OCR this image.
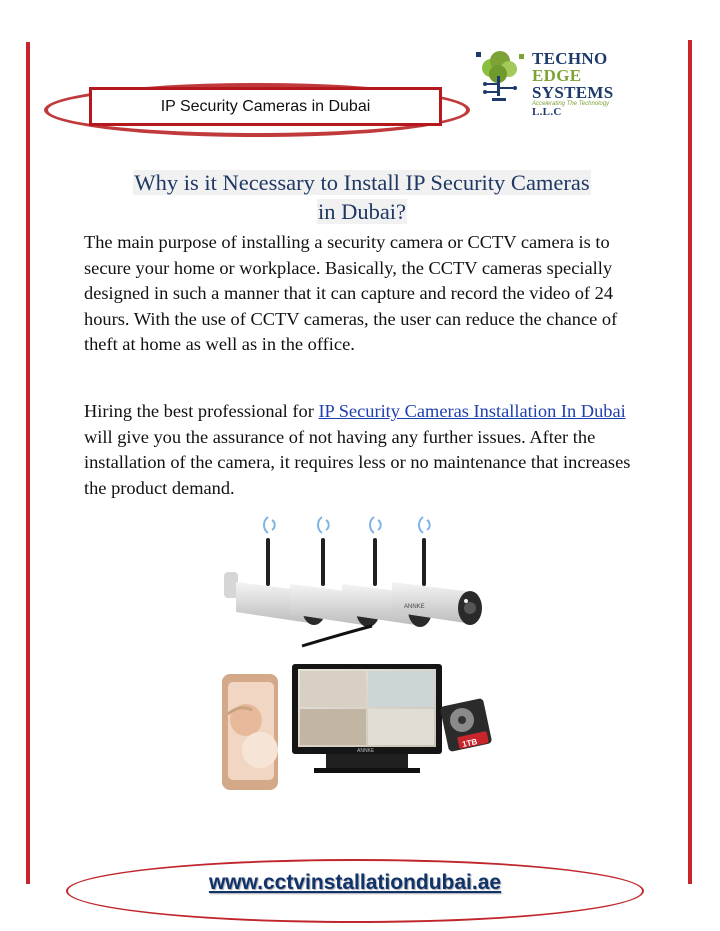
IP Security Cameras in Dubai
TECHNO
EDGE
SYSTEMS L.L.C
Accelerating The Technology
Why is it Necessary to Install IP Security Cameras
in Dubai?

The main purpose of installing a security camera or CCTV camera is to secure your home or workplace. Basically, the CCTV cameras specially designed in such a manner that it can capture and record the video of 24 hours. With the use of CCTV cameras, the user can reduce the chance of theft at home as well as in the office.

Hiring the best professional for IP Security Cameras Installation In Dubai will give you the assurance of not having any further issues. After the installation of the camera, it requires less or no maintenance that increases the product demand.

ANNKE
ANNKE
1TB
www.cctvinstallationdubai.ae
